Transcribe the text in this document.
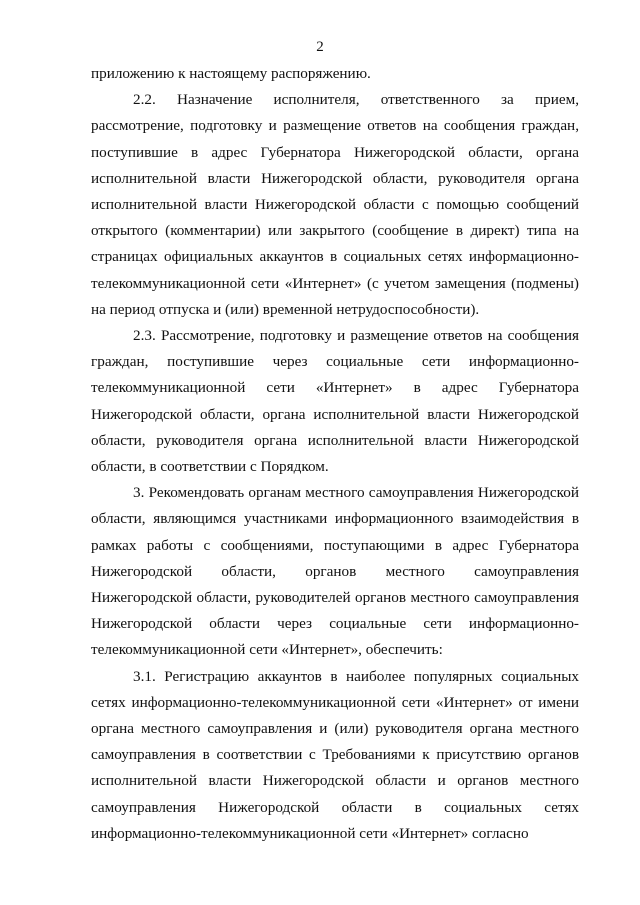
2

приложению к настоящему распоряжению.

2.2. Назначение исполнителя, ответственного за прием, рассмотрение, подготовку и размещение ответов на сообщения граждан, поступившие в адрес Губернатора Нижегородской области, органа исполнительной власти Нижегородской области, руководителя органа исполнительной власти Нижегородской области с помощью сообщений открытого (комментарии) или закрытого (сообщение в директ) типа на страницах официальных аккаунтов в социальных сетях информационно-телекоммуникационной сети «Интернет» (с учетом замещения (подмены) на период отпуска и (или) временной нетрудоспособности).

2.3. Рассмотрение, подготовку и размещение ответов на сообщения граждан, поступившие через социальные сети информационно-телекоммуникационной сети «Интернет» в адрес Губернатора Нижегородской области, органа исполнительной власти Нижегородской области, руководителя органа исполнительной власти Нижегородской области, в соответствии с Порядком.

3. Рекомендовать органам местного самоуправления Нижегородской области, являющимся участниками информационного взаимодействия в рамках работы с сообщениями, поступающими в адрес Губернатора Нижегородской области, органов местного самоуправления Нижегородской области, руководителей органов местного самоуправления Нижегородской области через социальные сети информационно-телекоммуникационной сети «Интернет», обеспечить:

3.1. Регистрацию аккаунтов в наиболее популярных социальных сетях информационно-телекоммуникационной сети «Интернет» от имени органа местного самоуправления и (или) руководителя органа местного самоуправления в соответствии с Требованиями к присутствию органов исполнительной власти Нижегородской области и органов местного самоуправления Нижегородской области в социальных сетях информационно-телекоммуникационной сети «Интернет» согласно
